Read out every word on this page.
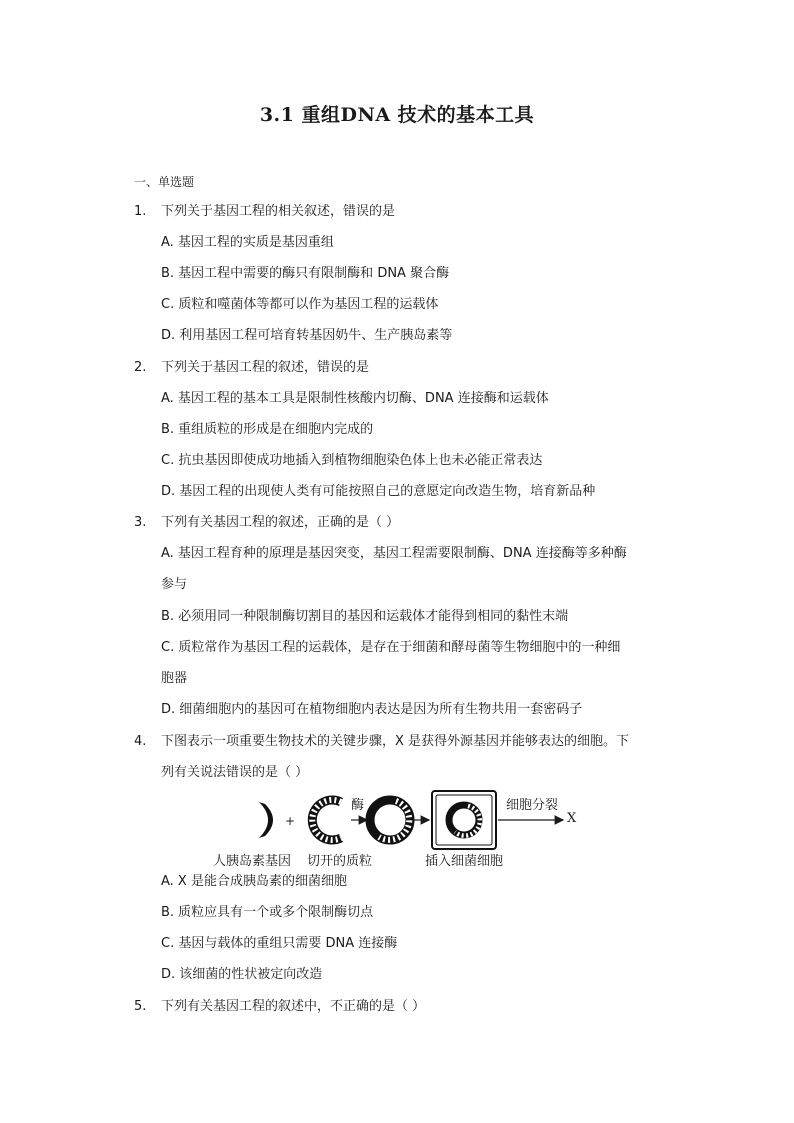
3.1 重组DNA 技术的基本工具
一、单选题
1. 下列关于基因工程的相关叙述，错误的是
A. 基因工程的实质是基因重组
B. 基因工程中需要的酶只有限制酶和 DNA 聚合酶
C. 质粒和噬菌体等都可以作为基因工程的运载体
D. 利用基因工程可培育转基因奶牛、生产胰岛素等
2. 下列关于基因工程的叙述，错误的是
A. 基因工程的基本工具是限制性核酸内切酶、DNA 连接酶和运载体
B. 重组质粒的形成是在细胞内完成的
C. 抗虫基因即使成功地插入到植物细胞染色体上也未必能正常表达
D. 基因工程的出现使人类有可能按照自己的意愿定向改造生物，培育新品种
3. 下列有关基因工程的叙述，正确的是（ ）
A. 基因工程育种的原理是基因突变，基因工程需要限制酶、DNA 连接酶等多种酶
参与
B. 必须用同一种限制酶切割目的基因和运载体才能得到相同的黏性末端
C. 质粒常作为基因工程的运载体，是存在于细菌和酵母菌等生物细胞中的一种细
胞器
D. 细菌细胞内的基因可在植物细胞内表达是因为所有生物共用一套密码子
4. 下图表示一项重要生物技术的关键步骤，X 是获得外源基因并能够表达的细胞。下
列有关说法错误的是（ ）
+
酶	细胞分裂
X
人胰岛素基因 切开的质粒	插入细菌细胞
A. X 是能合成胰岛素的细菌细胞
B. 质粒应具有一个或多个限制酶切点
C. 基因与载体的重组只需要 DNA 连接酶
D. 该细菌的性状被定向改造
5. 下列有关基因工程的叙述中，不正确的是（ ）
